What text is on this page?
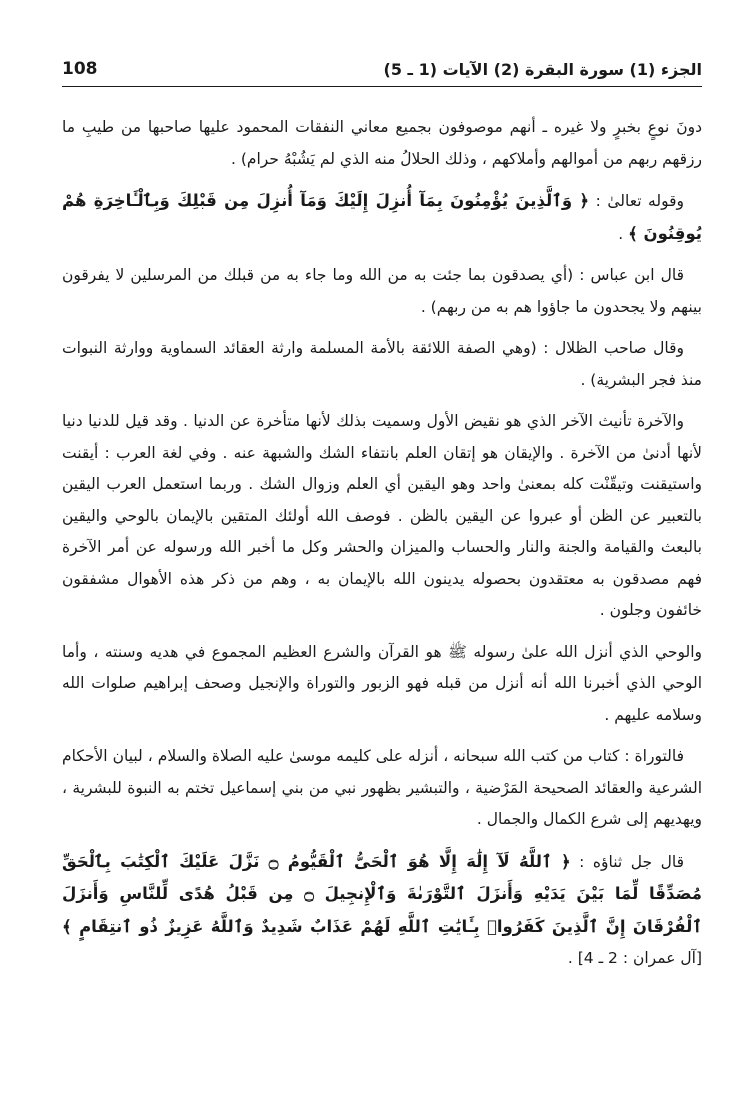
108	الجزء (1) سورة البقرة (2) الآيات (1 ـ 5)

دونَ نوعٍ بخبرٍ ولا غيره ـ أنهم موصوفون بجميع معاني النفقات المحمود عليها صاحبها من طيبِ ما رزقهم ربهم من أموالهم وأملاكهم ، وذلك الحلالُ منه الذي لم يَشُبْهُ حرام) .

وقوله تعالىٰ : ﴿ وَٱلَّذِينَ يُؤْمِنُونَ بِمَآ أُنزِلَ إِلَيْكَ وَمَآ أُنزِلَ مِن قَبْلِكَ وَبِٱلْـَٔاخِرَةِ هُمْ يُوقِنُونَ ﴾ .

قال ابن عباس : (أي يصدقون بما جئت به من الله وما جاء به من قبلك من المرسلين لا يفرقون بينهم ولا يجحدون ما جاؤوا هم به من ربهم) .

وقال صاحب الظلال : (وهي الصفة اللائقة بالأمة المسلمة وارثة العقائد السماوية ووارثة النبوات منذ فجر البشرية) .

والآخرة تأنيث الآخر الذي هو نقيض الأول وسميت بذلك لأنها متأخرة عن الدنيا . وقد قيل للدنيا دنيا لأنها أدنىٰ من الآخرة . والإيقان هو إتقان العلم بانتفاء الشك والشبهة عنه . وفي لغة العرب : أيقنت واستيقنت وتيقّنْت كله بمعنىٰ واحد وهو اليقين أي العلم وزوال الشك . وربما استعمل العرب اليقين بالتعبير عن الظن أو عبروا عن اليقين بالظن . فوصف الله أولئك المتقين بالإيمان بالوحي واليقين بالبعث والقيامة والجنة والنار والحساب والميزان والحشر وكل ما أخبر الله ورسوله عن أمر الآخرة فهم مصدقون به معتقدون بحصوله يدينون الله بالإيمان به ، وهم من ذكر هذه الأهوال مشفقون خائفون وجلون .

والوحي الذي أنزل الله علىٰ رسوله ﷺ هو القرآن والشرع العظيم المجموع في هديه وسنته ، وأما الوحي الذي أخبرنا الله أنه أنزل من قبله فهو الزبور والتوراة والإنجيل وصحف إبراهيم صلوات الله وسلامه عليهم .

فالتوراة : كتاب من كتب الله سبحانه ، أنزله على كليمه موسىٰ عليه الصلاة والسلام ، لبيان الأحكام الشرعية والعقائد الصحيحة المَرْضية ، والتبشير بظهور نبي من بني إسماعيل تختم به النبوة للبشرية ، ويهديهم إلى شرع الكمال والجمال .

قال جل ثناؤه : ﴿ ٱللَّهُ لَآ إِلَٰهَ إِلَّا هُوَ ٱلْحَىُّ ٱلْقَيُّومُ ۝ نَزَّلَ عَلَيْكَ ٱلْكِتَٰبَ بِٱلْحَقِّ مُصَدِّقًا لِّمَا بَيْنَ يَدَيْهِ وَأَنزَلَ ٱلتَّوْرَىٰةَ وَٱلْإِنجِيلَ ۝ مِن قَبْلُ هُدًى لِّلنَّاسِ وَأَنزَلَ ٱلْفُرْقَانَ إِنَّ ٱلَّذِينَ كَفَرُوا۟ بِـَٔايَٰتِ ٱللَّهِ لَهُمْ عَذَابٌ شَدِيدٌ وَٱللَّهُ عَزِيزٌ ذُو ٱنتِقَامٍ ﴾ [آل عمران : 2 ـ 4] .
